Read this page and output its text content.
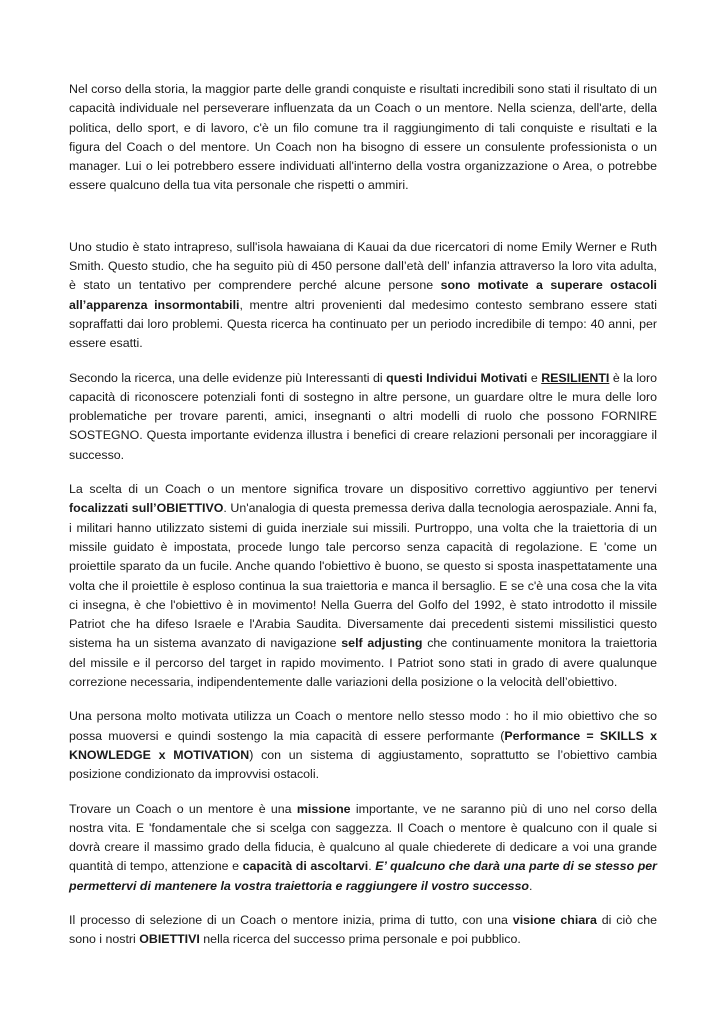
Nel corso della storia, la maggior parte delle grandi conquiste e risultati incredibili sono stati il risultato di un capacità individuale nel perseverare influenzata da un Coach o un mentore. Nella scienza, dell'arte, della politica, dello sport, e di lavoro, c'è un filo comune tra il raggiungimento di tali conquiste e risultati e la figura del Coach o del mentore. Un Coach non ha bisogno di essere un consulente professionista o un manager. Lui o lei potrebbero essere individuati all'interno della vostra organizzazione o Area, o potrebbe essere qualcuno della tua vita personale che rispetti o ammiri.

Uno studio è stato intrapreso, sull'isola hawaiana di Kauai da due ricercatori di nome Emily Werner e Ruth Smith. Questo studio, che ha seguito più di 450 persone dall’età dell’ infanzia attraverso la loro vita adulta, è stato un tentativo per comprendere perché alcune persone sono motivate a superare ostacoli all’apparenza insormontabili, mentre altri provenienti dal medesimo contesto sembrano essere stati sopraffatti dai loro problemi. Questa ricerca ha continuato per un periodo incredibile di tempo: 40 anni, per essere esatti.

Secondo la ricerca, una delle evidenze più Interessanti di questi Individui Motivati e RESILIENTI è la loro capacità di riconoscere potenziali fonti di sostegno in altre persone, un guardare oltre le mura delle loro problematiche per trovare parenti, amici, insegnanti o altri modelli di ruolo che possono FORNIRE SOSTEGNO. Questa importante evidenza illustra i benefici di creare relazioni personali per incoraggiare il successo.

La scelta di un Coach o un mentore significa trovare un dispositivo correttivo aggiuntivo per tenervi focalizzati sull’OBIETTIVO. Un'analogia di questa premessa deriva dalla tecnologia aerospaziale. Anni fa, i militari hanno utilizzato sistemi di guida inerziale sui missili. Purtroppo, una volta che la traiettoria di un missile guidato è impostata, procede lungo tale percorso senza capacità di regolazione. E 'come un proiettile sparato da un fucile. Anche quando l'obiettivo è buono, se questo si sposta inaspettatamente una volta che il proiettile è esploso continua la sua traiettoria e manca il bersaglio. E se c'è una cosa che la vita ci insegna, è che l'obiettivo è in movimento! Nella Guerra del Golfo del 1992, è stato introdotto il missile Patriot che ha difeso Israele e l'Arabia Saudita. Diversamente dai precedenti sistemi missilistici questo sistema ha un sistema avanzato di navigazione self adjusting che continuamente monitora la traiettoria del missile e il percorso del target in rapido movimento. I Patriot sono stati in grado di avere qualunque correzione necessaria, indipendentemente dalle variazioni della posizione o la velocità dell’obiettivo.

Una persona molto motivata utilizza un Coach o mentore nello stesso modo : ho il mio obiettivo che so possa muoversi e quindi sostengo la mia capacità di essere performante (Performance = SKILLS x KNOWLEDGE x MOTIVATION) con un sistema di aggiustamento, soprattutto se l’obiettivo cambia posizione condizionato da improvvisi ostacoli.

Trovare un Coach o un mentore è una missione importante, ve ne saranno più di uno nel corso della nostra vita. E 'fondamentale che si scelga con saggezza. Il Coach o mentore è qualcuno con il quale si dovrà creare il massimo grado della fiducia, è qualcuno al quale chiederete di dedicare a voi una grande quantità di tempo, attenzione e capacità di ascoltarvi. E’ qualcuno che darà una parte di se stesso per permettervi di mantenere la vostra traiettoria e raggiungere il vostro successo.

Il processo di selezione di un Coach o mentore inizia, prima di tutto, con una visione chiara di ciò che sono i nostri OBIETTIVI nella ricerca del successo prima personale e poi pubblico.
